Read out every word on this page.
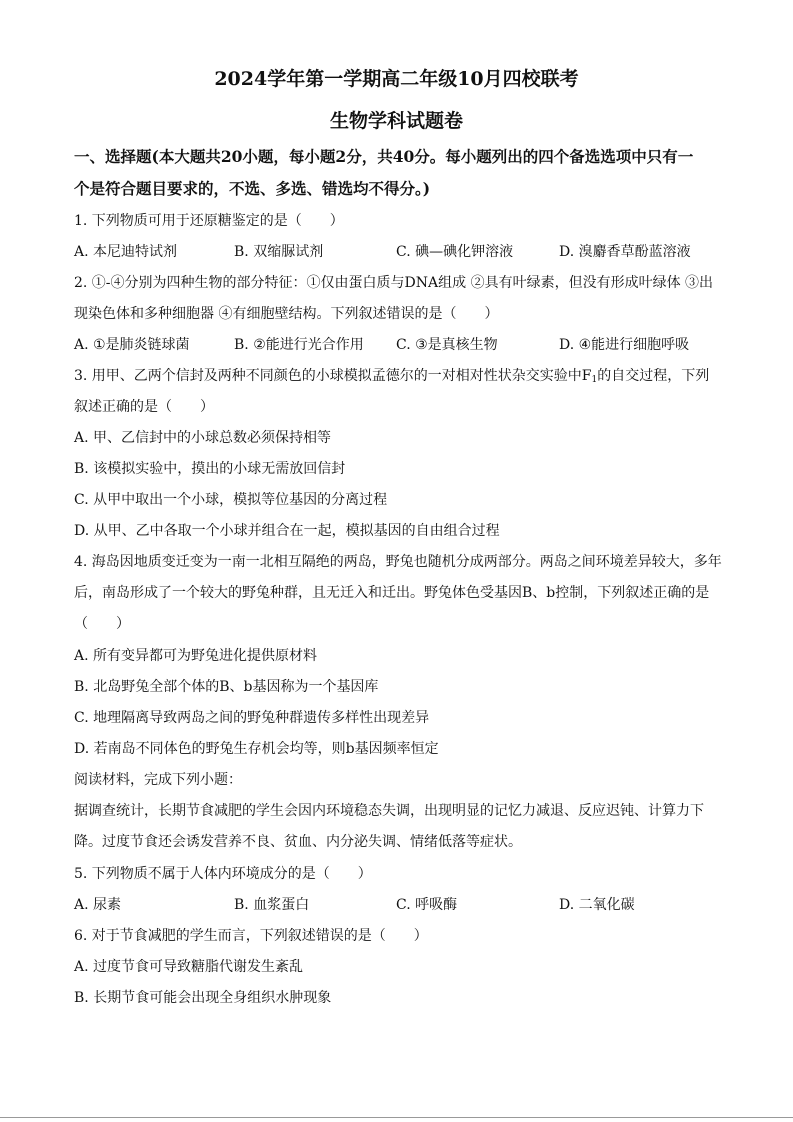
2024学年第一学期高二年级10月四校联考
生物学科试题卷
一、选择题(本大题共20小题，每小题2分，共40分。每小题列出的四个备选选项中只有一
个是符合题目要求的，不选、多选、错选均不得分。)
1. 下列物质可用于还原糖鉴定的是（　　）
A. 本尼迪特试剂	B. 双缩脲试剂	C. 碘—碘化钾溶液	D. 溴麝香草酚蓝溶液
2. ①-④分别为四种生物的部分特征：①仅由蛋白质与DNA组成 ②具有叶绿素，但没有形成叶绿体 ③出
现染色体和多种细胞器 ④有细胞壁结构。下列叙述错误的是（　　）
A. ①是肺炎链球菌	B. ②能进行光合作用 C. ③是真核生物	D. ④能进行细胞呼吸
3. 用甲、乙两个信封及两种不同颜色的小球模拟孟德尔的一对相对性状杂交实验中$F_1$的自交过程，下列
叙述正确的是（　　）
A. 甲、乙信封中的小球总数必须保持相等
B. 该模拟实验中，摸出的小球无需放回信封
C. 从甲中取出一个小球，模拟等位基因的分离过程
D. 从甲、乙中各取一个小球并组合在一起，模拟基因的自由组合过程
4. 海岛因地质变迁变为一南一北相互隔绝的两岛，野兔也随机分成两部分。两岛之间环境差异较大，多年
后，南岛形成了一个较大的野兔种群，且无迁入和迁出。野兔体色受基因B、b控制，下列叙述正确的是
（　　）
A. 所有变异都可为野兔进化提供原材料
B. 北岛野兔全部个体的B、b基因称为一个基因库
C. 地理隔离导致两岛之间的野兔种群遗传多样性出现差异
D. 若南岛不同体色的野兔生存机会均等，则b基因频率恒定
阅读材料，完成下列小题：
据调查统计，长期节食减肥的学生会因内环境稳态失调，出现明显的记忆力减退、反应迟钝、计算力下
降。过度节食还会诱发营养不良、贫血、内分泌失调、情绪低落等症状。
5. 下列物质不属于人体内环境成分的是（　　）
A. 尿素	B. 血浆蛋白	C. 呼吸酶	D. 二氧化碳
6. 对于节食减肥的学生而言，下列叙述错误的是（　　）
A. 过度节食可导致糖脂代谢发生紊乱
B. 长期节食可能会出现全身组织水肿现象
